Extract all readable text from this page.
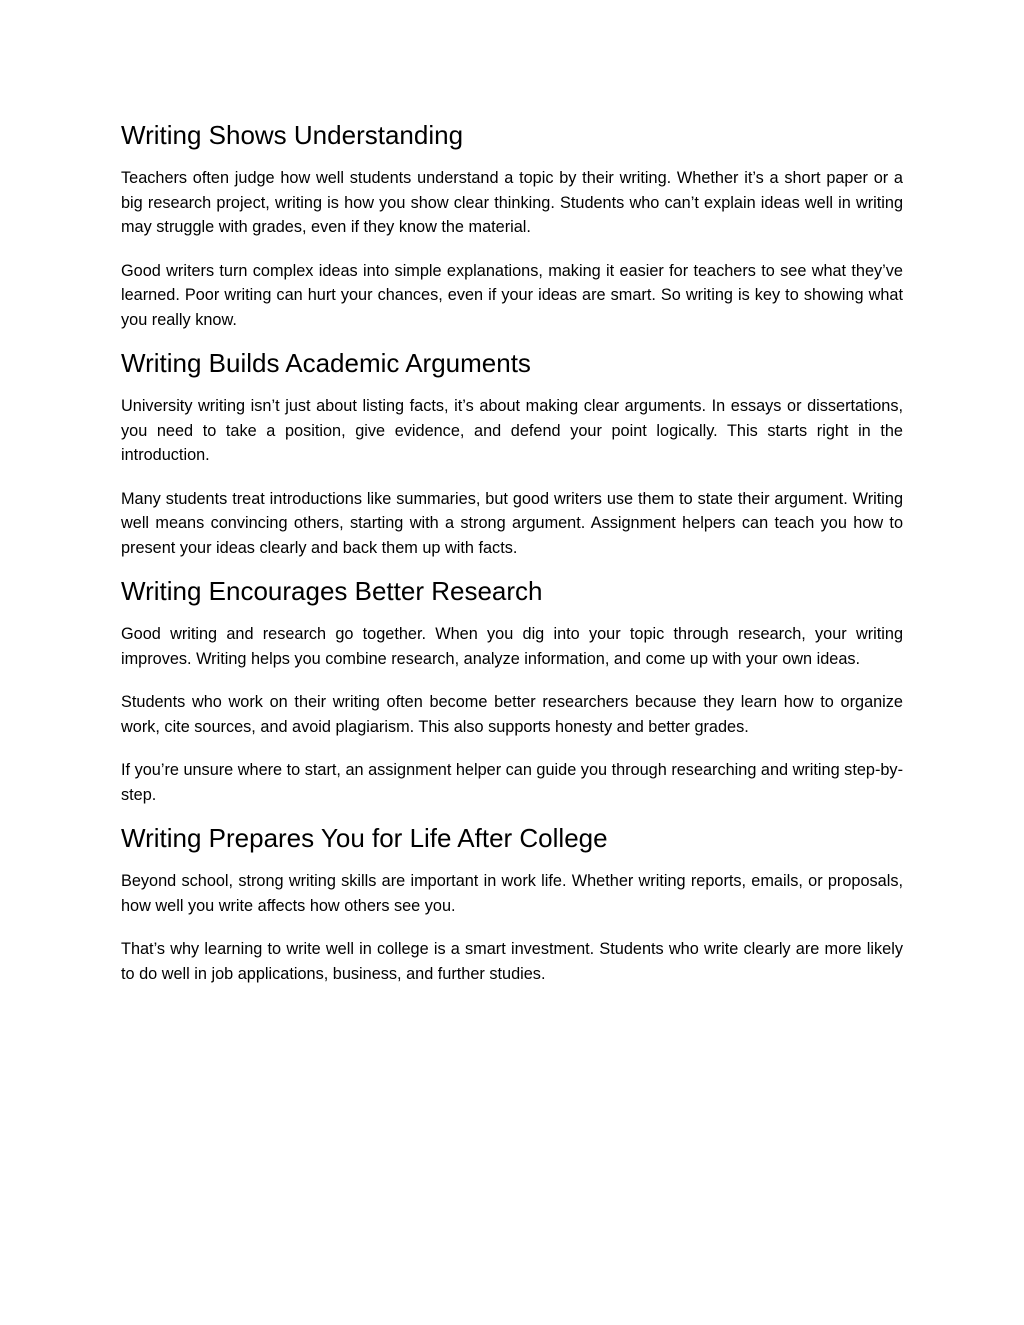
Writing Shows Understanding

Teachers often judge how well students understand a topic by their writing. Whether it’s a short paper or a big research project, writing is how you show clear thinking. Students who can’t explain ideas well in writing may struggle with grades, even if they know the material.

Good writers turn complex ideas into simple explanations, making it easier for teachers to see what they’ve learned. Poor writing can hurt your chances, even if your ideas are smart. So writing is key to showing what you really know.

Writing Builds Academic Arguments

University writing isn’t just about listing facts, it’s about making clear arguments. In essays or dissertations, you need to take a position, give evidence, and defend your point logically. This starts right in the introduction.

Many students treat introductions like summaries, but good writers use them to state their argument. Writing well means convincing others, starting with a strong argument. Assignment helpers can teach you how to present your ideas clearly and back them up with facts.

Writing Encourages Better Research

Good writing and research go together. When you dig into your topic through research, your writing improves. Writing helps you combine research, analyze information, and come up with your own ideas.

Students who work on their writing often become better researchers because they learn how to organize work, cite sources, and avoid plagiarism. This also supports honesty and better grades.

If you’re unsure where to start, an assignment helper can guide you through researching and writing step-by-step.

Writing Prepares You for Life After College

Beyond school, strong writing skills are important in work life. Whether writing reports, emails, or proposals, how well you write affects how others see you.

That’s why learning to write well in college is a smart investment. Students who write clearly are more likely to do well in job applications, business, and further studies.
